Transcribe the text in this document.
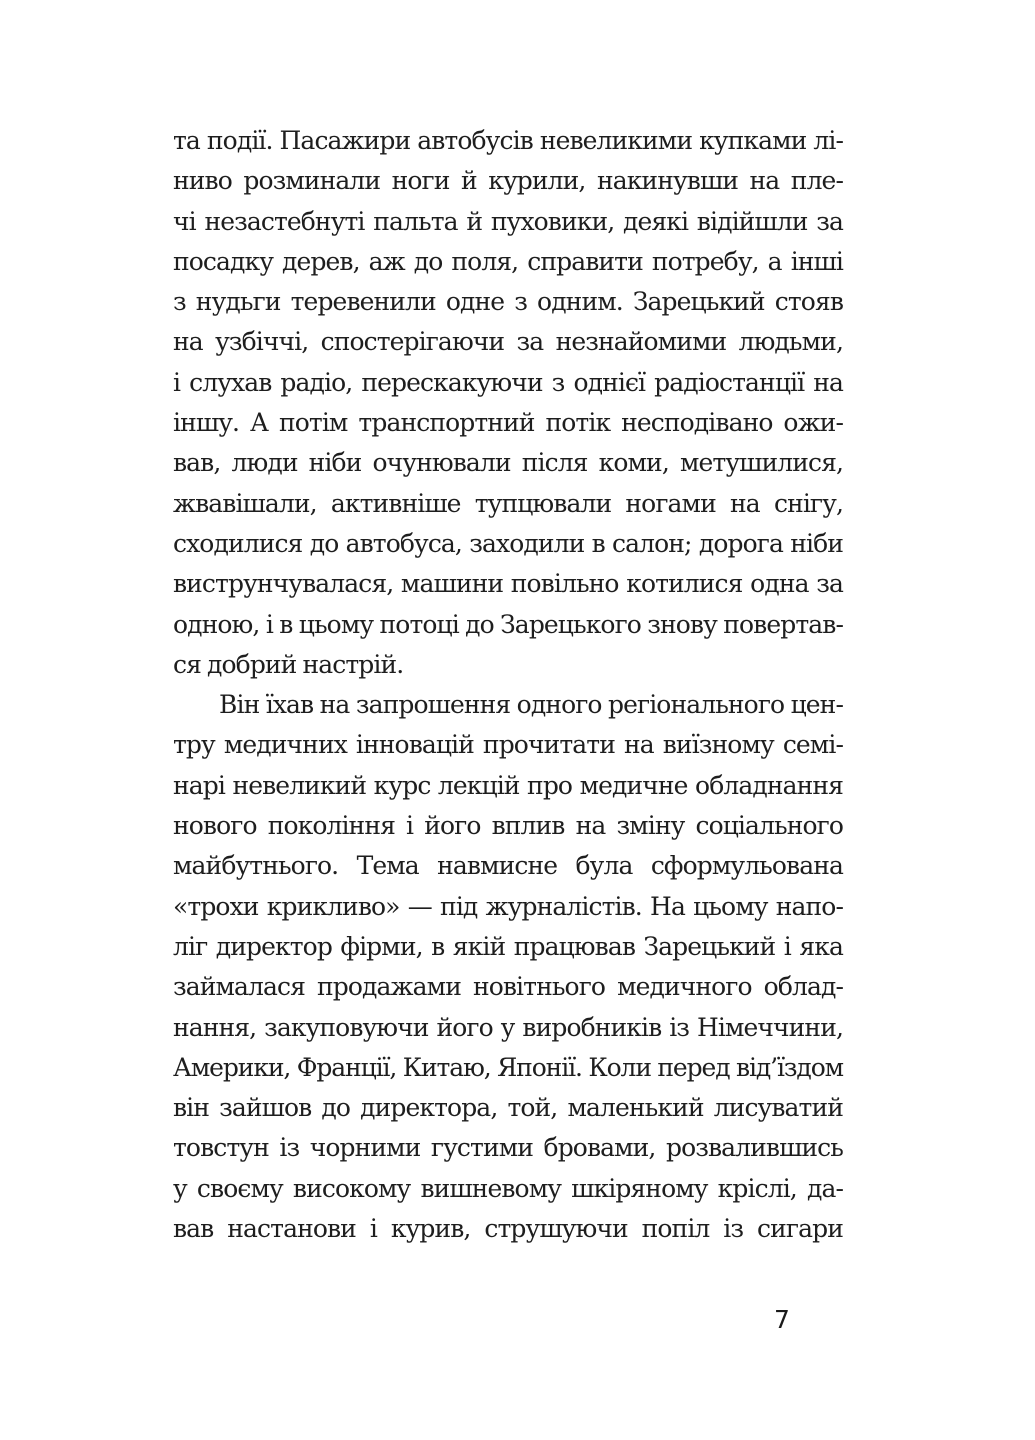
та події. Пасажири автобусів невеликими купками лі-
ниво розминали ноги й курили, накинувши на пле-
чі незастебнуті пальта й пуховики, деякі відійшли за
посадку дерев, аж до поля, справити потребу, а інші
з нудьги теревенили одне з одним. Зарецький стояв
на узбіччі, спостерігаючи за незнайомими людьми,
і слухав радіо, перескакуючи з однієї радіостанції на
іншу. А потім транспортний потік несподівано ожи-
вав, люди ніби очунювали після коми, метушилися,
жвавішали, активніше тупцювали ногами на снігу,
сходилися до автобуса, заходили в салон; дорога ніби
виструнчувалася, машини повільно котилися одна за
одною, і в цьому потоці до Зарецького знову повертав-
ся добрий настрій.
Він їхав на запрошення одного регіонального цен-
тру медичних інновацій прочитати на виїзному семі-
нарі невеликий курс лекцій про медичне обладнання
нового покоління і його вплив на зміну соціального
майбутнього. Тема навмисне була сформульована
«трохи крикливо» — під журналістів. На цьому напо-
ліг директор фірми, в якій працював Зарецький і яка
займалася продажами новітнього медичного облад-
нання, закуповуючи його у виробників із Німеччини,
Америки, Франції, Китаю, Японії. Коли перед від’їздом
він зайшов до директора, той, маленький лисуватий
товстун із чорними густими бровами, розвалившись
у своєму високому вишневому шкіряному кріслі, да-
вав настанови і курив, струшуючи попіл із сигари
7
